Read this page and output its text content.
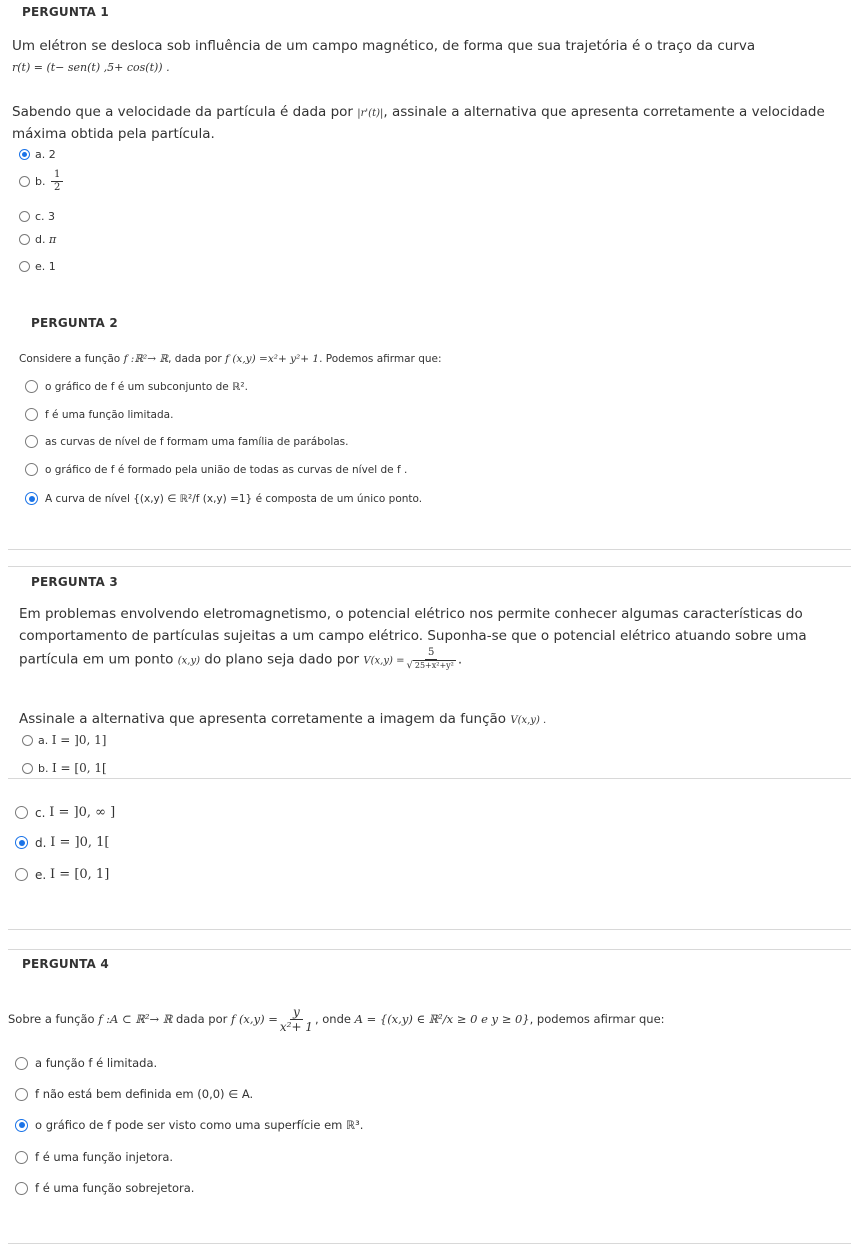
PERGUNTA 1
Um elétron se desloca sob influência de um campo magnético, de forma que sua trajetória é o traço da curva
r(t) = (t− sen(t) ,5+ cos(t)) .
Sabendo que a velocidade da partícula é dada por |r'(t)|, assinale a alternativa que apresenta corretamente a velocidade
máxima obtida pela partícula.
a.
2
b.
$\frac{1}{2}$
c.
3
d.
π
e.
1
PERGUNTA 2
Considere a função f :ℝ²→ ℝ, dada por f (x,y) =x²+ y²+ 1. Podemos afirmar que:
o gráfico de f é um subconjunto de ℝ².
f é uma função limitada.
as curvas de nível de f formam uma família de parábolas.
o gráfico de f é formado pela união de todas as curvas de nível de f .
A curva de nível {(x,y) ∈ ℝ²/f (x,y) =1} é composta de um único ponto.
PERGUNTA 3
Em problemas envolvendo eletromagnetismo, o potencial elétrico nos permite conhecer algumas características do
comportamento de partículas sujeitas a um campo elétrico. Suponha-se que o potencial elétrico atuando sobre uma
partícula em um ponto (x,y) do plano seja dado por $V(x,y) = \frac{5}{\text{√ 25+x²+y²}}$ .
Assinale a alternativa que apresenta corretamente a imagem da função V(x,y) .
a.
I = ]0, 1]
b.
I = [0, 1[
c.
I = ]0, ∞ ]
d.
I = ]0, 1[
e.
I = [0, 1]
PERGUNTA 4
Sobre a função f :A ⊂ ℝ²→ ℝ dada por f $(x,y) = \frac{y}{\text{x²+ 1}}$ , onde A = {(x,y) ∈ ℝ²/x ≥ 0 e y ≥ 0}, podemos afirmar que:
a função f é limitada.
f não está bem definida em (0,0) ∈ A.
o gráfico de f pode ser visto como uma superfície em ℝ³.
f é uma função injetora.
f é uma função sobrejetora.
